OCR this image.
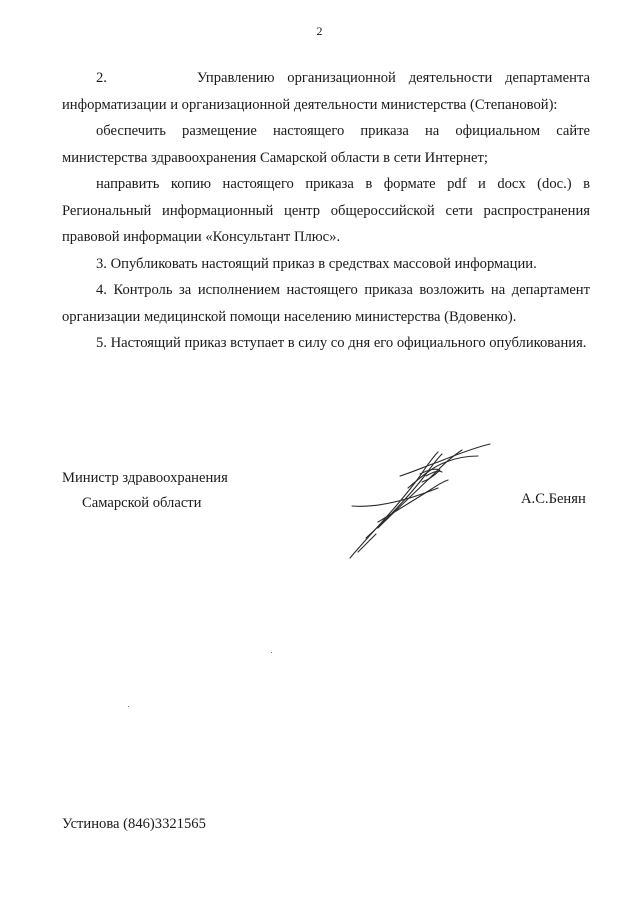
2

2.       Управлению организационной деятельности департамента информатизации и организационной деятельности министерства (Степановой):

обеспечить размещение настоящего приказа на официальном сайте министерства здравоохранения Самарской области в сети Интернет;

направить копию настоящего приказа в формате pdf и docx (doc.) в Региональный информационный центр общероссийской сети распространения правовой информации «Консультант Плюс».

3. Опубликовать настоящий приказ в средствах массовой информации.

4. Контроль за исполнением настоящего приказа возложить на департамент организации медицинской помощи населению министерства (Вдовенко).

5. Настоящий приказ вступает в силу со дня его официального опубликования.

Министр здравоохранения
Самарской области	А.С.Бенян
Устинова (846)3321565
